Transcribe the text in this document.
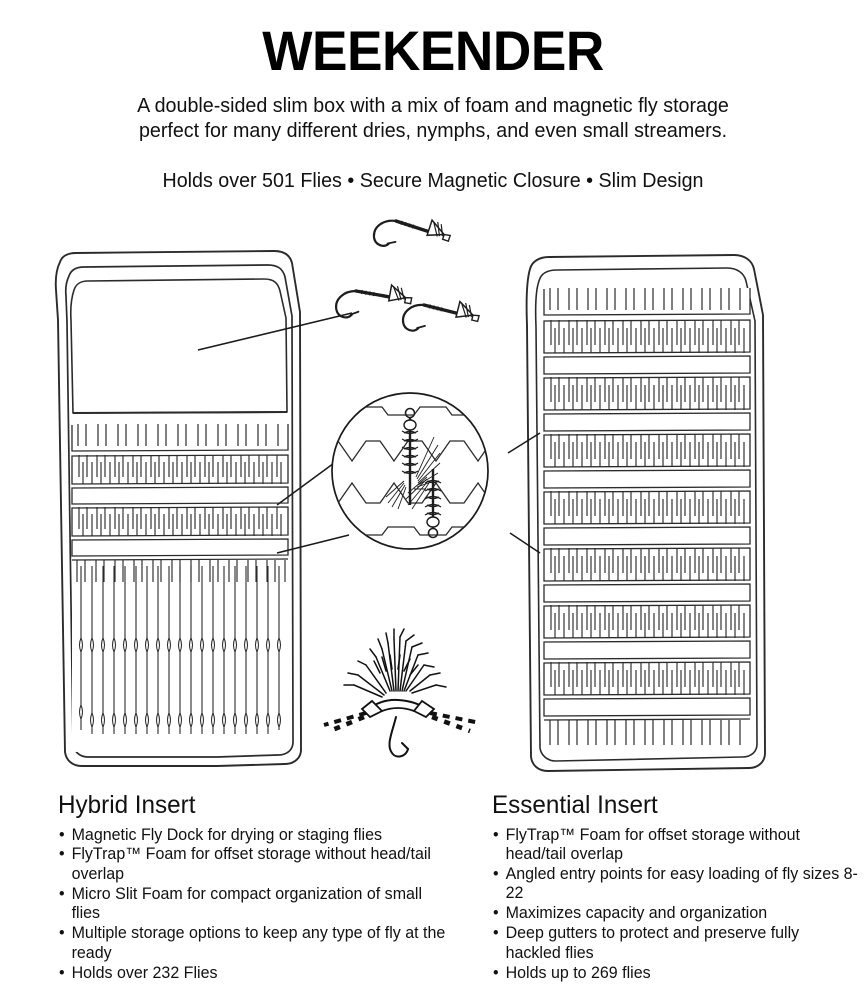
WEEKENDER

A double-sided slim box with a mix of foam and magnetic fly storage
perfect for many different dries, nymphs, and even small streamers.

Holds over 501 Flies • Secure Magnetic Closure • Slim Design

Hybrid Insert
• Magnetic Fly Dock for drying or staging flies
• FlyTrap™ Foam for offset storage without head/tail overlap
• Micro Slit Foam for compact organization of small flies
• Multiple storage options to keep any type of fly at the ready
• Holds over 232 Flies
Essential Insert
• FlyTrap™ Foam for offset storage without head/tail overlap
• Angled entry points for easy loading of fly sizes 8-22
• Maximizes capacity and organization
• Deep gutters to protect and preserve fully hackled flies
• Holds up to 269 flies
